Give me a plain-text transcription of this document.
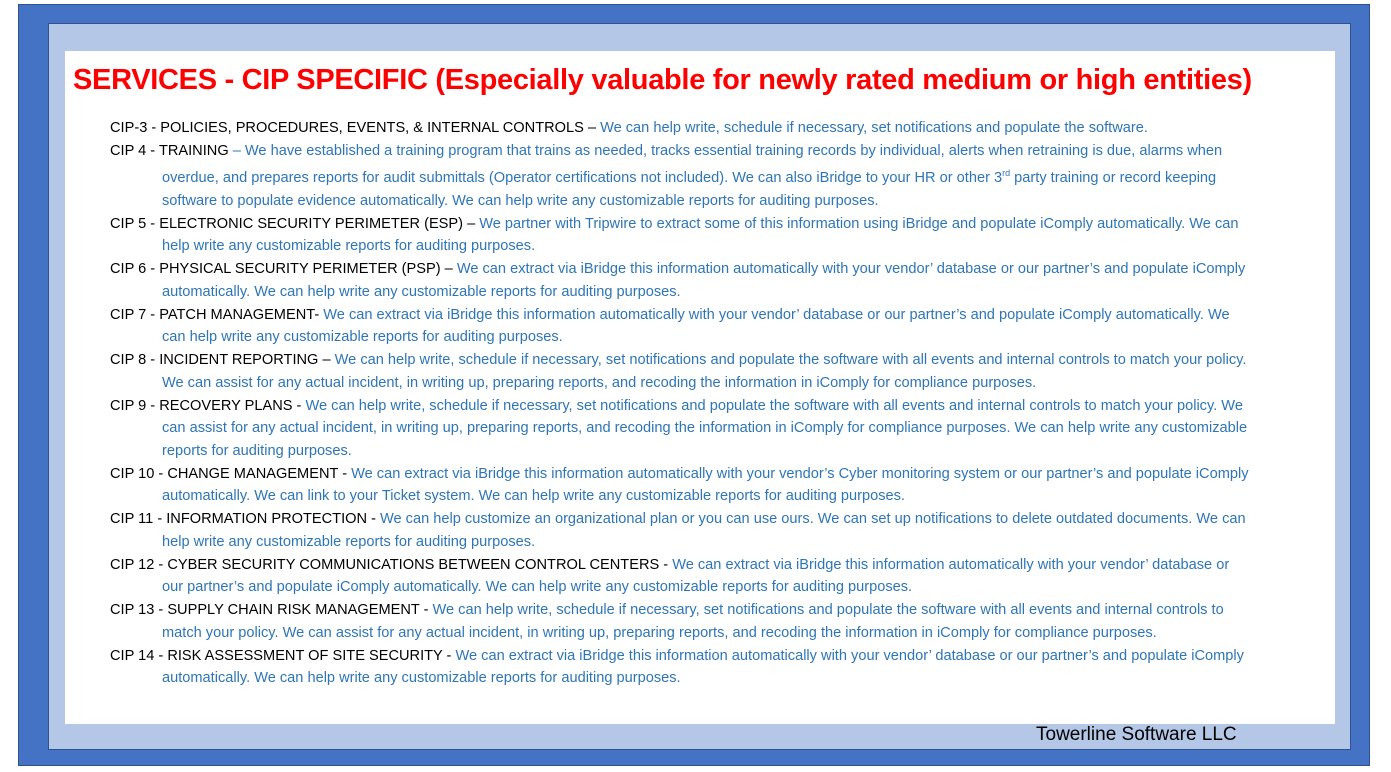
SERVICES - CIP SPECIFIC (Especially valuable for newly rated medium or high entities)

CIP-3 - POLICIES, PROCEDURES, EVENTS, & INTERNAL CONTROLS – We can help write, schedule if necessary, set notifications and populate the software.

CIP 4 - TRAINING – We have established a training program that trains as needed, tracks essential training records by individual, alerts when retraining is due, alarms when overdue, and prepares reports for audit submittals (Operator certifications not included). We can also iBridge to your HR or other 3rd party training or record keeping software to populate evidence automatically. We can help write any customizable reports for auditing purposes.

CIP 5 - ELECTRONIC SECURITY PERIMETER (ESP) – We partner with Tripwire to extract some of this information using iBridge and populate iComply automatically. We can help write any customizable reports for auditing purposes.

CIP 6 - PHYSICAL SECURITY PERIMETER (PSP) – We can extract via iBridge this information automatically with your vendor’ database or our partner’s and populate iComply automatically. We can help write any customizable reports for auditing purposes.

CIP 7 - PATCH MANAGEMENT- We can extract via iBridge this information automatically with your vendor’ database or our partner’s and populate iComply automatically. We can help write any customizable reports for auditing purposes.

CIP 8 - INCIDENT REPORTING – We can help write, schedule if necessary, set notifications and populate the software with all events and internal controls to match your policy. We can assist for any actual incident, in writing up, preparing reports, and recoding the information in iComply for compliance purposes.

CIP 9 - RECOVERY PLANS - We can help write, schedule if necessary, set notifications and populate the software with all events and internal controls to match your policy. We can assist for any actual incident, in writing up, preparing reports, and recoding the information in iComply for compliance purposes. We can help write any customizable reports for auditing purposes.

CIP 10 - CHANGE MANAGEMENT - We can extract via iBridge this information automatically with your vendor’s Cyber monitoring system or our partner’s and populate iComply automatically. We can link to your Ticket system. We can help write any customizable reports for auditing purposes.

CIP 11 - INFORMATION PROTECTION - We can help customize an organizational plan or you can use ours. We can set up notifications to delete outdated documents. We can help write any customizable reports for auditing purposes.

CIP 12 - CYBER SECURITY COMMUNICATIONS BETWEEN CONTROL CENTERS - We can extract via iBridge this information automatically with your vendor’ database or our partner’s and populate iComply automatically. We can help write any customizable reports for auditing purposes.

CIP 13 - SUPPLY CHAIN RISK MANAGEMENT - We can help write, schedule if necessary, set notifications and populate the software with all events and internal controls to match your policy. We can assist for any actual incident, in writing up, preparing reports, and recoding the information in iComply for compliance purposes.

CIP 14 - RISK ASSESSMENT OF SITE SECURITY - We can extract via iBridge this information automatically with your vendor’ database or our partner’s and populate iComply automatically. We can help write any customizable reports for auditing purposes.

Towerline Software LLC
